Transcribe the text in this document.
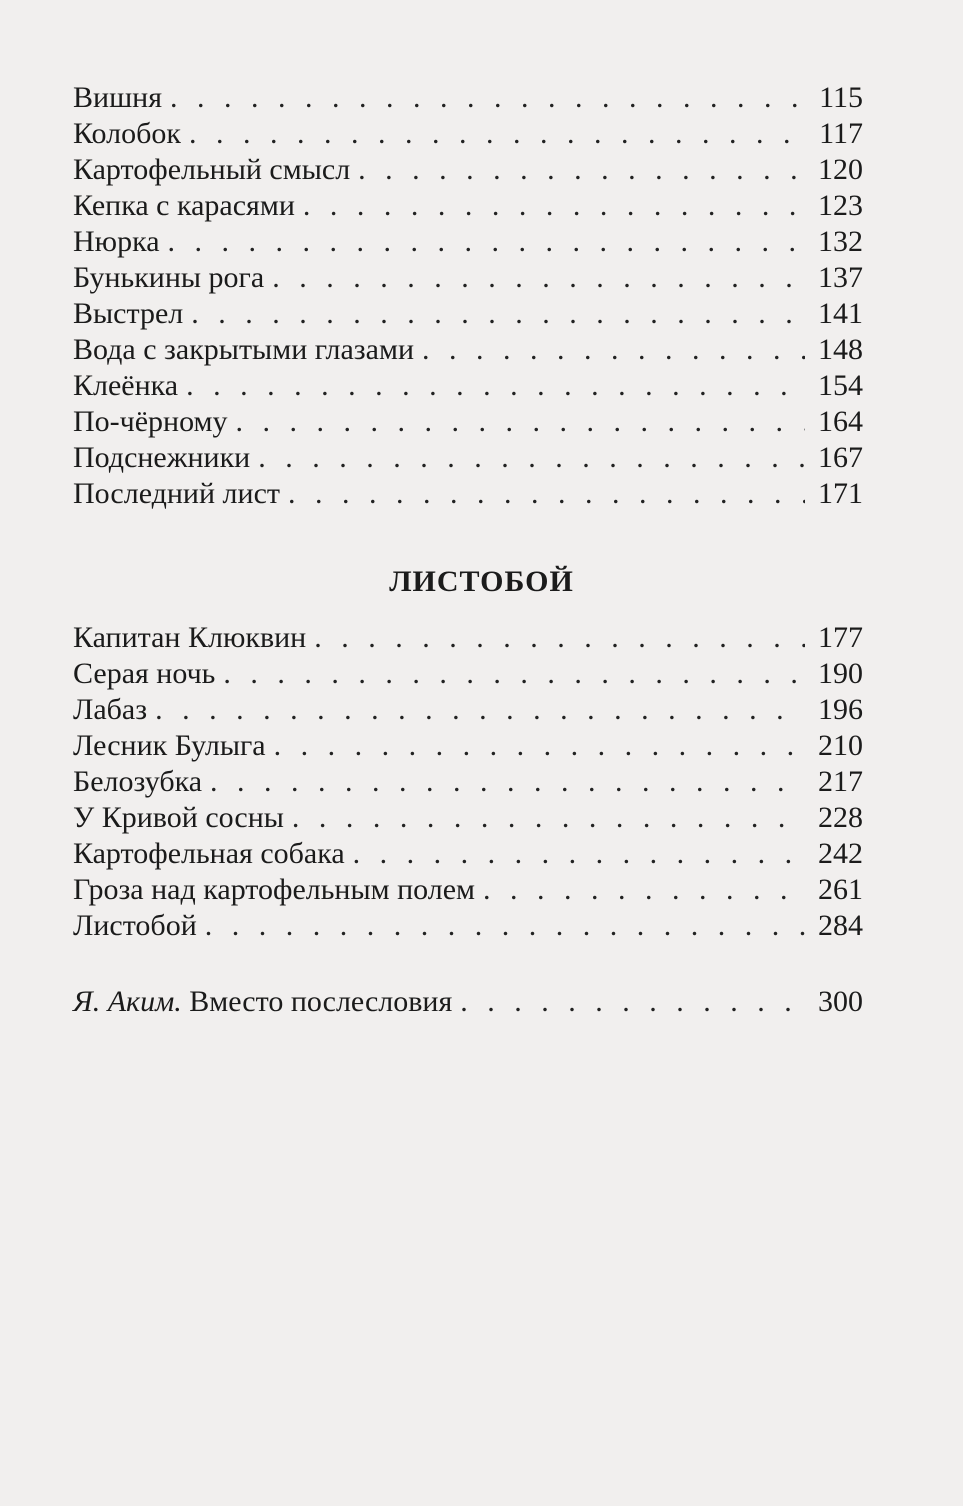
Вишня . . .	115
Колобок . . .	117
Картофельный смысл . . .	120
Кепка с карасями . . .	123
Нюрка . . .	132
Бунькины рога . . .	137
Выстрел . . .	141
Вода с закрытыми глазами . . .	148
Клеёнка . . .	154
По-чёрному . . .	164
Подснежники . . .	167
Последний лист . . .	171
ЛИСТОБОЙ
Капитан Клюквин . . .	177
Серая ночь . . .	190
Лабаз . . .	196
Лесник Булыга . . .	210
Белозубка . . .	217
У Кривой сосны . . .	228
Картофельная собака . . .	242
Гроза над картофельным полем . . .	261
Листобой . . .	284
Я. Аким. Вместо послесловия . . .	300
